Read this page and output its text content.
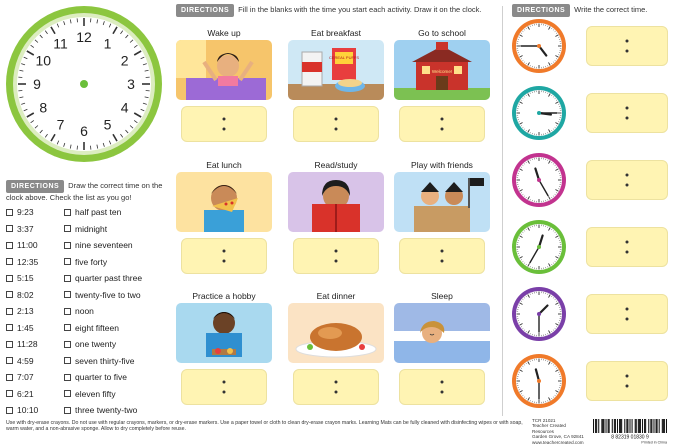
12 1
2
3
4
5
6
7
8
9
10
11
DIRECTIONS Draw the correct time on the clock above. Check the list as you go!
9:23	half past ten
3:37	midnight
11:00	nine seventeen
12:35	five forty
5:15	quarter past three
8:02	twenty-five to two
2:13	noon
1:45	eight fifteen
11:28	one twenty
4:59	seven thirty-five
7:07	quarter to five
6:21	eleven fifty
10:10	three twenty-two
DIRECTIONS Fill in the blanks with the time you start each activity. Draw it on the clock.
Wake up	Eat breakfast
CEREAL PUFFS
Go to school
Welcome!
Eat lunch	Read/study	Play with friends
Practice a hobby	Eat dinner	Sleep
DIRECTIONS Write the correct time.
Use with dry-erase crayons. Do not use with regular crayons, markers, or dry-erase markers. Use a paper towel or cloth to clean dry-erase crayon marks. Learning Mats can be fully cleaned with disinfecting wipes or with soap, warm water, and a non-abrasive sponge. Allow to dry completely before reuse.
TCR 21021
Teacher Created Resources
Garden Grove, CA 92841
www.teachercreated.com
8 82319 01830 9
Printed in China
